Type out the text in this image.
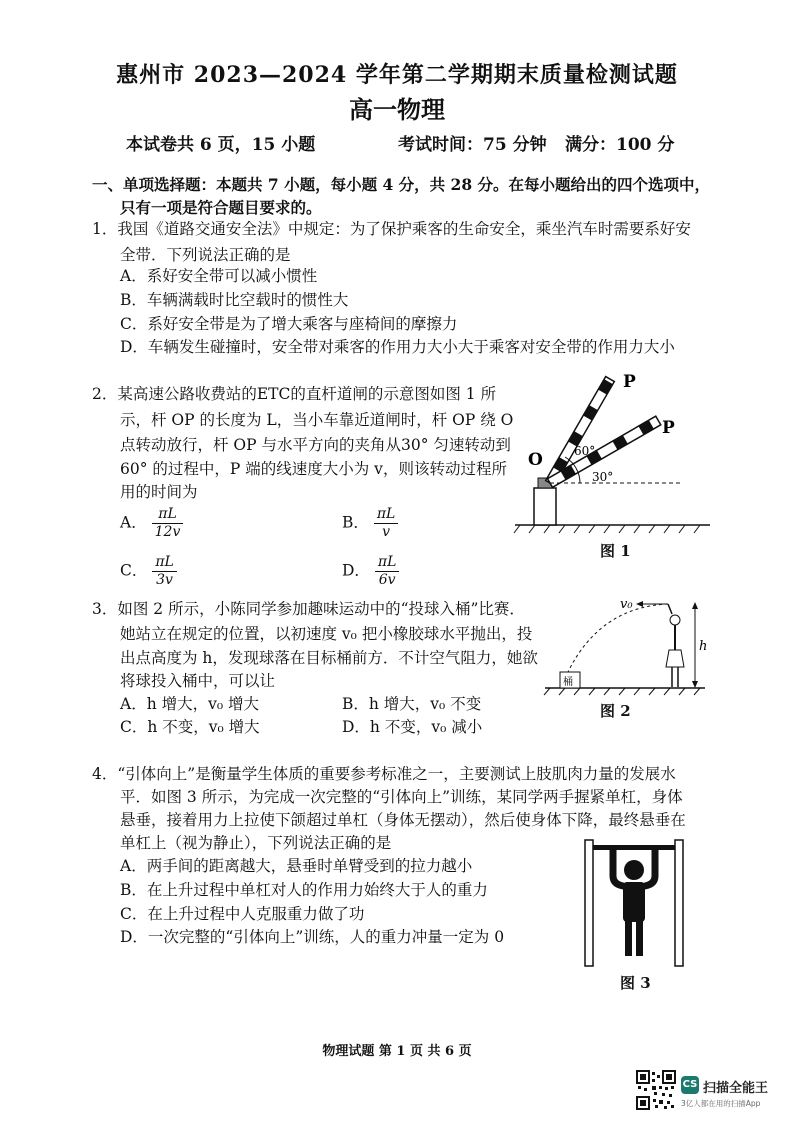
惠州市 2023—2024 学年第二学期期末质量检测试题
高一物理
本试卷共 6 页，15 小题	考试时间：75 分钟 满分：100 分
一、单项选择题：本题共 7 小题，每小题 4 分，共 28 分。在每小题给出的四个选项中，
只有一项是符合题目要求的。
1．我国《道路交通安全法》中规定：为了保护乘客的生命安全，乘坐汽车时需要系好安
全带．下列说法正确的是
A．系好安全带可以减小惯性
B．车辆满载时比空载时的惯性大
C．系好安全带是为了增大乘客与座椅间的摩擦力
D．车辆发生碰撞时，安全带对乘客的作用力大小大于乘客对安全带的作用力大小
2．某高速公路收费站的ETC的直杆道闸的示意图如图 1 所
示，杆 OP 的长度为 L，当小车靠近道闸时，杆 OP 绕 O
点转动放行，杆 OP 与水平方向的夹角从30° 匀速转动到
60° 的过程中，P 端的线速度大小为 v，则该转动过程所
用的时间为
A． $\frac{\pi L}{12v}$	B． $\frac{\pi L}{v}$
C． $\frac{\pi L}{3v}$	D． $\frac{\pi L}{6v}$
60°
30°
O
P
P
图 1
3．如图 2 所示，小陈同学参加趣味运动中的“投球入桶”比赛．
她站立在规定的位置，以初速度 v₀ 把小橡胶球水平抛出，投
出点高度为 h，发现球落在目标桶前方．不计空气阻力，她欲
将球投入桶中，可以让
A．h 增大，v₀ 增大	B．h 增大，v₀ 不变
C．h 不变，v₀ 增大	D．h 不变，v₀ 减小
v₀
桶
h
图 2
4．“引体向上”是衡量学生体质的重要参考标准之一，主要测试上肢肌肉力量的发展水
平．如图 3 所示，为完成一次完整的“引体向上”训练，某同学两手握紧单杠，身体
悬垂，接着用力上拉使下颌超过单杠（身体无摆动），然后使身体下降，最终悬垂在
单杠上（视为静止），下列说法正确的是
A．两手间的距离越大，悬垂时单臂受到的拉力越小
B．在上升过程中单杠对人的作用力始终大于人的重力
C．在上升过程中人克服重力做了功
D．一次完整的“引体向上”训练，人的重力冲量一定为 0
图 3
物理试题 第 1 页 共 6 页
CS 扫描全能王
3亿人都在用的扫描App
